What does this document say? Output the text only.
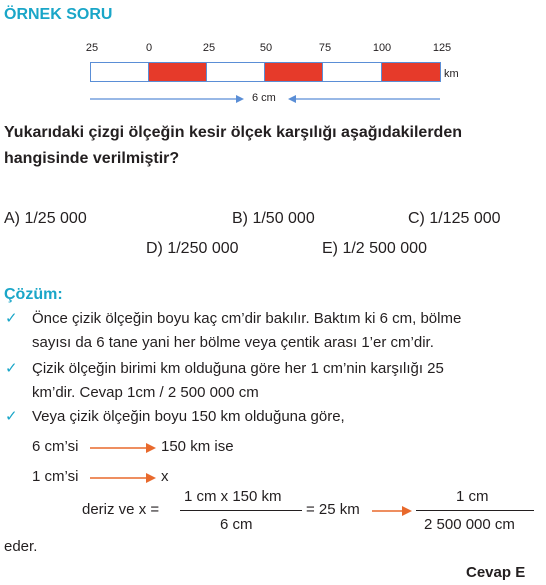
ÖRNEK SORU
25	0	25	50	75	100	125
km
6 cm
Yukarıdaki çizgi ölçeğin kesir ölçek karşılığı aşağıdakilerden
hangisinde verilmiştir?
A) 1/25 000	B) 1/50 000	C) 1/125 000
D) 1/250 000	E) 1/2 500 000
Çözüm:
✓ Önce çizik ölçeğin boyu kaç cm’dir bakılır. Baktım ki 6 cm, bölme
sayısı da 6 tane yani her bölme veya çentik arası 1’er cm’dir.
✓ Çizik ölçeğin birimi km olduğuna göre her 1 cm’nin karşılığı 25
km’dir. Cevap 1cm / 2 500 000 cm
✓ Veya çizik ölçeğin boyu 150 km olduğuna göre,
6 cm’si	150 km ise
1 cm’si	x
deriz ve x =
1 cm x 150 km
6 cm
= 25 km
1 cm
2 500 000 cm
eder.
Cevap E
